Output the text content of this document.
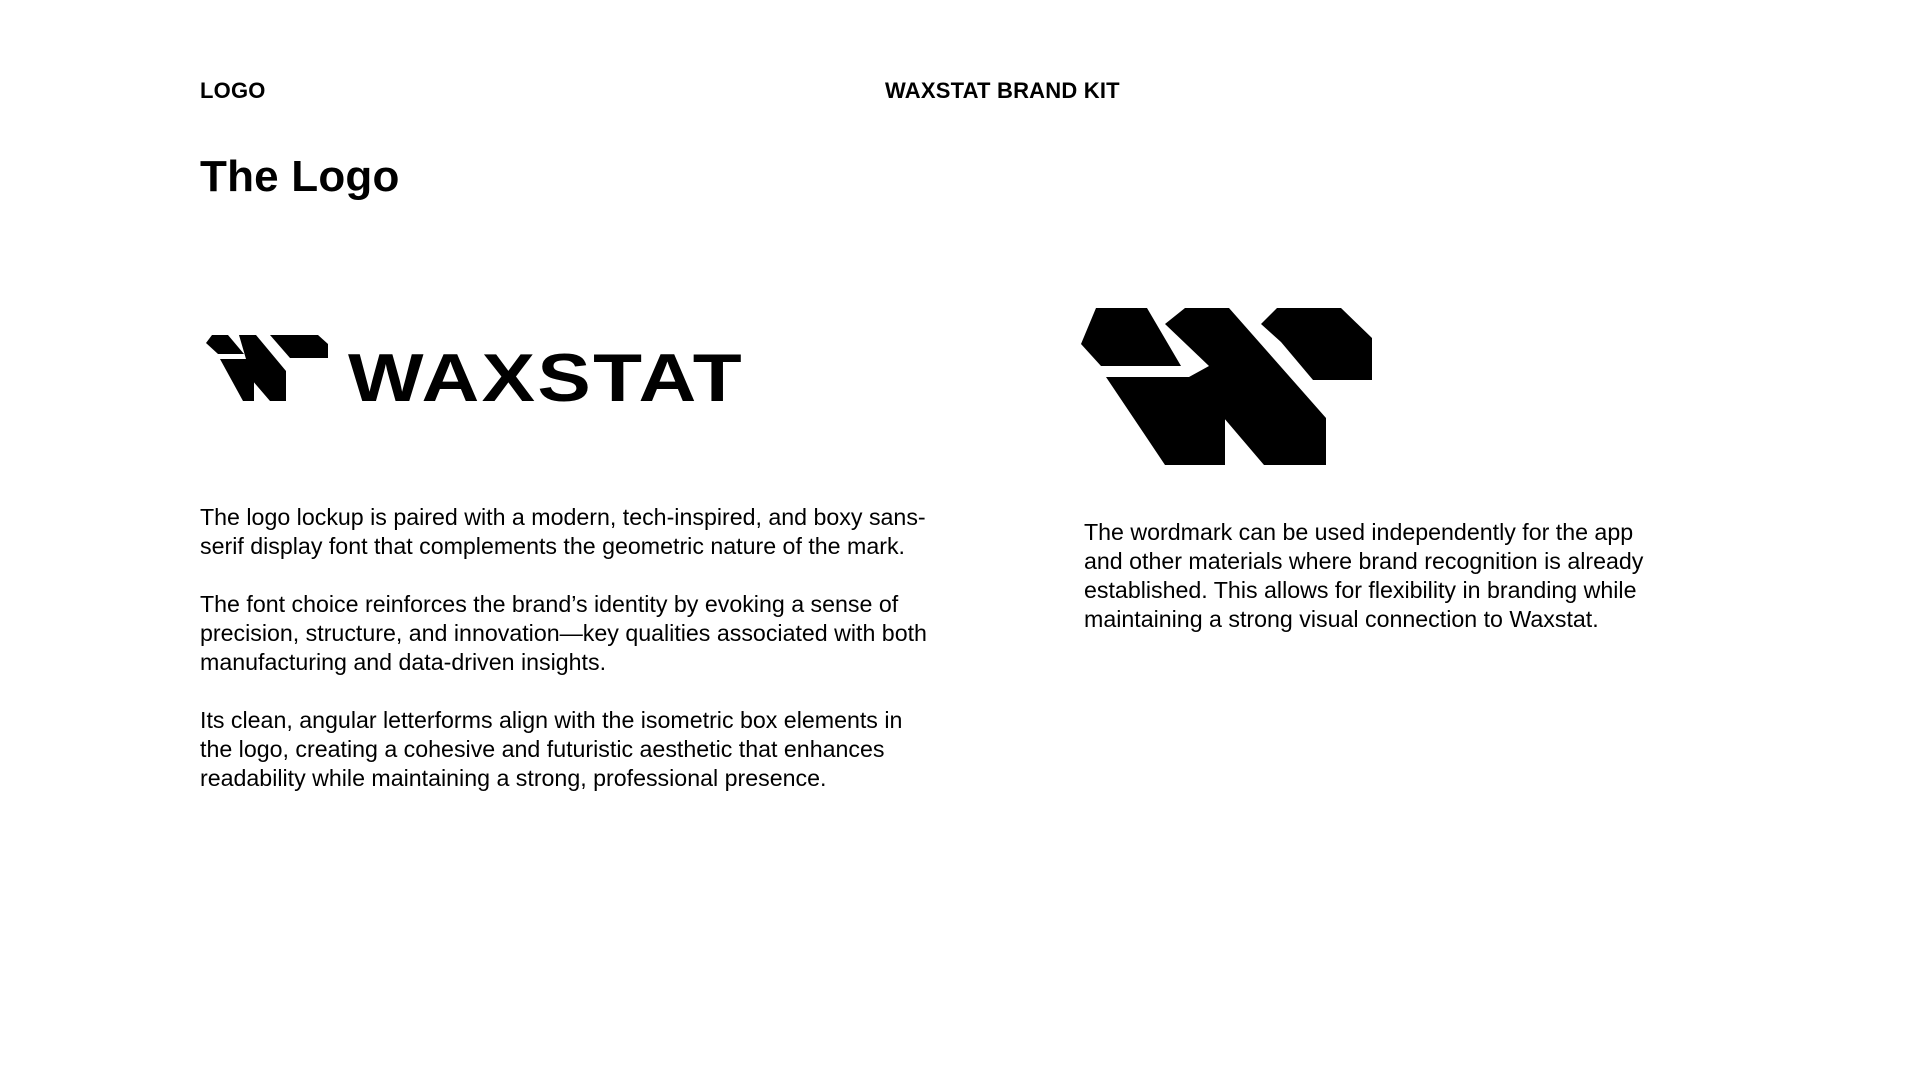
LOGO	WAXSTAT BRAND KIT
The Logo
WAXSTAT

The logo lockup is paired with a modern, tech-inspired, and boxy sans-serif display font that complements the geometric nature of the mark.

The font choice reinforces the brand’s identity by evoking a sense of precision, structure, and innovation—key qualities associated with both manufacturing and data-driven insights.

Its clean, angular letterforms align with the isometric box elements in the logo, creating a cohesive and futuristic aesthetic that enhances readability while maintaining a strong, professional presence.

The wordmark can be used independently for the app and other materials where brand recognition is already established. This allows for flexibility in branding while maintaining a strong visual connection to Waxstat.
